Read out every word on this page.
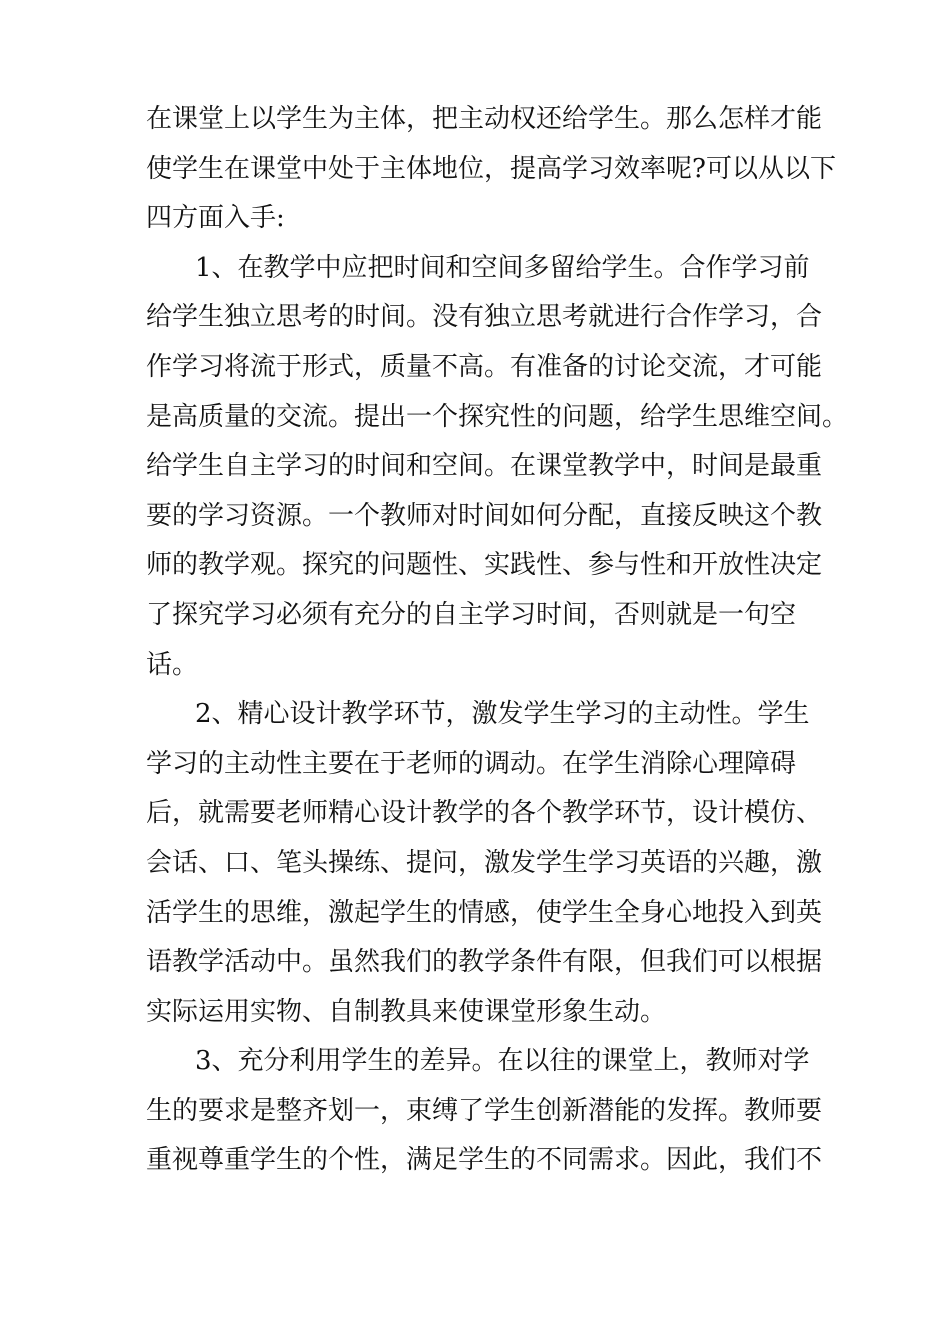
在课堂上以学生为主体，把主动权还给学生。那么怎样才能
使学生在课堂中处于主体地位，提高学习效率呢?可以从以下
四方面入手:
1、在教学中应把时间和空间多留给学生。合作学习前
给学生独立思考的时间。没有独立思考就进行合作学习，合
作学习将流于形式，质量不高。有准备的讨论交流，才可能
是高质量的交流。提出一个探究性的问题，给学生思维空间。
给学生自主学习的时间和空间。在课堂教学中，时间是最重
要的学习资源。一个教师对时间如何分配，直接反映这个教
师的教学观。探究的问题性、实践性、参与性和开放性决定
了探究学习必须有充分的自主学习时间，否则就是一句空
话。
2、精心设计教学环节，激发学生学习的主动性。学生
学习的主动性主要在于老师的调动。在学生消除心理障碍
后，就需要老师精心设计教学的各个教学环节，设计模仿、
会话、口、笔头操练、提问，激发学生学习英语的兴趣，激
活学生的思维，激起学生的情感，使学生全身心地投入到英
语教学活动中。虽然我们的教学条件有限，但我们可以根据
实际运用实物、自制教具来使课堂形象生动。
3、充分利用学生的差异。在以往的课堂上，教师对学
生的要求是整齐划一，束缚了学生创新潜能的发挥。教师要
重视尊重学生的个性，满足学生的不同需求。因此，我们不
